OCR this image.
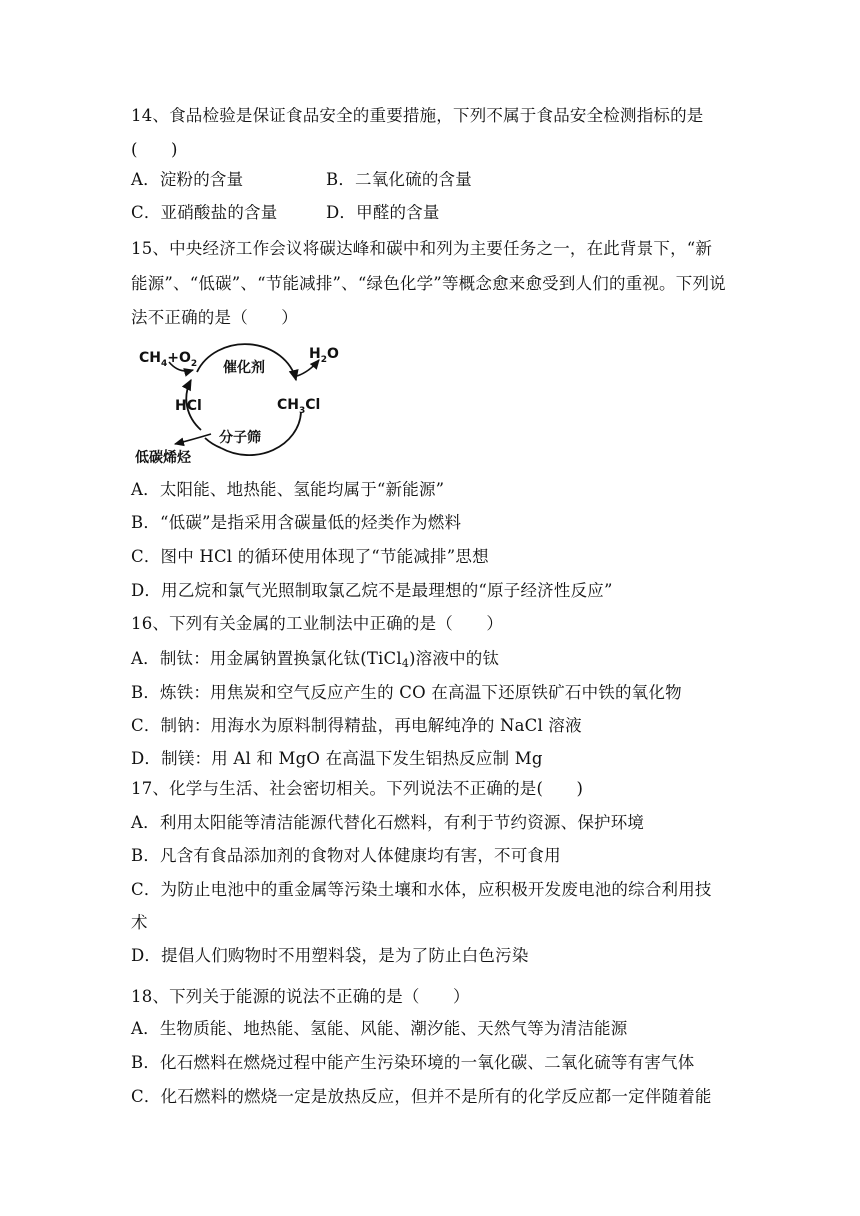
14、食品检验是保证食品安全的重要措施，下列不属于食品安全检测指标的是
(　　)
A．淀粉的含量	B．二氧化硫的含量
C．亚硝酸盐的含量	D．甲醛的含量
15、中央经济工作会议将碳达峰和碳中和列为主要任务之一，在此背景下，“新
能源”、“低碳”、“节能减排”、“绿色化学”等概念愈来愈受到人们的重视。下列说
法不正确的是（　　）
$CH_4+O_2$
$H_2O$
催化剂
HCl	$CH_3Cl$
分子筛
低碳烯烃
A．太阳能、地热能、氢能均属于“新能源”
B．“低碳”是指采用含碳量低的烃类作为燃料
C．图中 HCl 的循环使用体现了“节能减排”思想
D．用乙烷和氯气光照制取氯乙烷不是最理想的“原子经济性反应”
16、下列有关金属的工业制法中正确的是（　　）
A．制钛：用金属钠置换氯化钛(TiCl$_4$)溶液中的钛
B．炼铁：用焦炭和空气反应产生的 CO 在高温下还原铁矿石中铁的氧化物
C．制钠：用海水为原料制得精盐，再电解纯净的 NaCl 溶液
D．制镁：用 Al 和 MgO 在高温下发生铝热反应制 Mg
17、化学与生活、社会密切相关。下列说法不正确的是(　　)
A．利用太阳能等清洁能源代替化石燃料，有利于节约资源、保护环境
B．凡含有食品添加剂的食物对人体健康均有害，不可食用
C．为防止电池中的重金属等污染土壤和水体，应积极开发废电池的综合利用技
术
D．提倡人们购物时不用塑料袋，是为了防止白色污染
18、下列关于能源的说法不正确的是（　　）
A．生物质能、地热能、氢能、风能、潮汐能、天然气等为清洁能源
B．化石燃料在燃烧过程中能产生污染环境的一氧化碳、二氧化硫等有害气体
C．化石燃料的燃烧一定是放热反应，但并不是所有的化学反应都一定伴随着能
